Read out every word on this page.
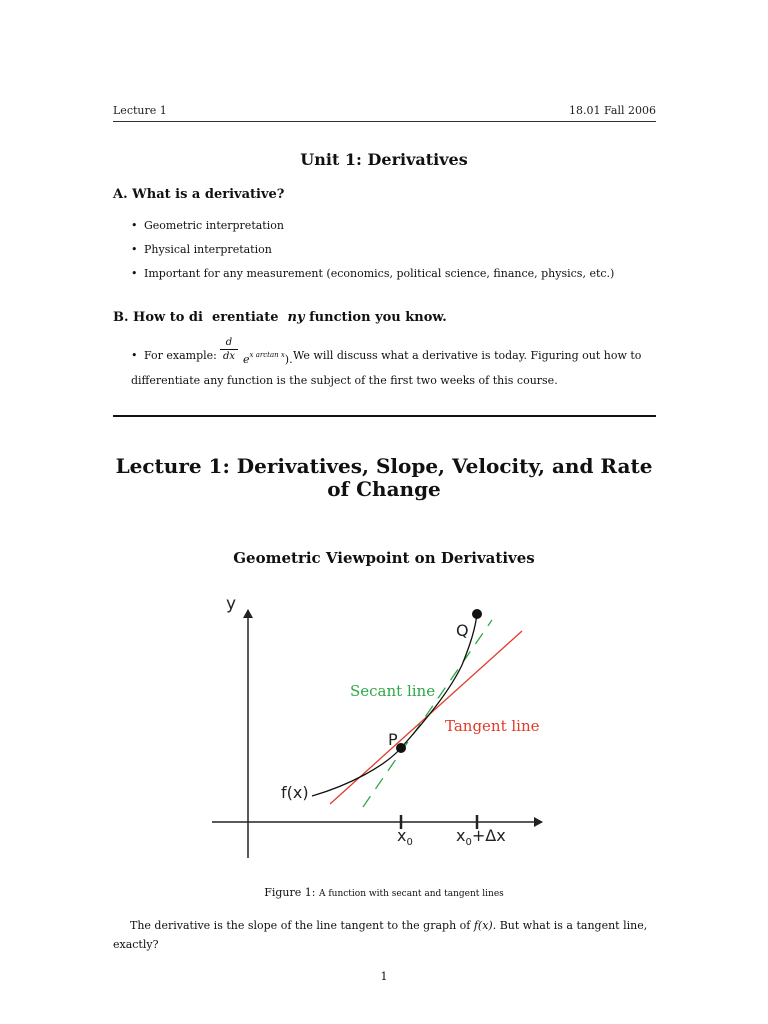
Lecture 1	18.01 Fall 2006
Unit 1: Derivatives
A. What is a derivative?
• Geometric interpretation
• Physical interpretation
• Important for any measurement (economics, political science, finance, physics, etc.)
B. How to di  erentiate  ny function you know.
• For example: $\frac{d}{dx} e^{x arctan x}$). We will discuss what a derivative is today. Figuring out how to
differentiate any function is the subject of the first two weeks of this course.
Lecture 1: Derivatives, Slope, Velocity, and Rate of Change
Geometric Viewpoint on Derivatives
y
Q
Secant line
Tangent line
P
f(x)
$x_0$	$x_0+\Delta x$
Figure 1: A function with secant and tangent lines
The derivative is the slope of the line tangent to the graph of f(x). But what is a tangent line, exactly?
1
